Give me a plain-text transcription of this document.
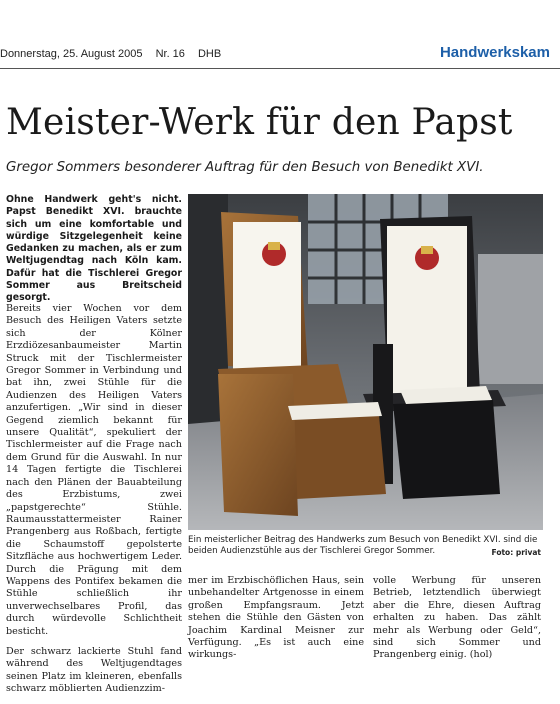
Donnerstag, 25. August 2005 Nr. 16 DHB	Handwerkskam
Meister-Werk für den Papst
Gregor Sommers besonderer Auftrag für den Besuch von Benedikt XVI.
Ohne Handwerk geht's nicht. Papst Benedikt XVI. brauchte sich um eine komfortable und würdige Sitzgelegenheit keine Gedanken zu machen, als er zum Weltjugendtag nach Köln kam. Dafür hat die Tischlerei Gregor Sommer aus Breitscheid gesorgt.

Bereits vier Wochen vor dem Besuch des Heiligen Vaters setzte sich der Kölner Erzdiözesanbaumeister Martin Struck mit der Tischlermeister Gregor Sommer in Verbindung und bat ihn, zwei Stühle für die Audienzen des Heiligen Vaters anzufertigen. „Wir sind in dieser Gegend ziemlich bekannt für unsere Qualität“, spekuliert der Tischlermeister auf die Frage nach dem Grund für die Auswahl. In nur 14 Tagen fertigte die Tischlerei nach den Plänen der Bauabteilung des Erzbistums, zwei „papstgerechte“ Stühle. Raumausstattermeister Rainer Prangenberg aus Roßbach, fertigte die Schaumstoff gepolsterte Sitzfläche aus hochwertigem Leder. Durch die Prägung mit dem Wappens des Pontifex bekamen die Stühle schließlich ihr unverwechselbares Profil, das durch würdevolle Schlichtheit besticht.

Der schwarz lackierte Stuhl fand während des Weltjugendtages seinen Platz im kleineren, ebenfalls schwarz möblierten Audienzzim-

Ein meisterlicher Beitrag des Handwerks zum Besuch von Benedikt XVI. sind die beiden Audienzstühle aus der Tischlerei Gregor Sommer.	Foto: privat
mer im Erzbischöflichen Haus, sein unbehandelter Artgenosse in einem großen Empfangsraum. Jetzt stehen die Stühle den Gästen von Joachim Kardinal Meisner zur Verfügung. „Es ist auch eine wirkungs-
volle Werbung für unseren Betrieb, letztendlich überwiegt aber die Ehre, diesen Auftrag erhalten zu haben. Das zählt mehr als Werbung oder Geld“, sind sich Sommer und Prangenberg einig. (hol)
